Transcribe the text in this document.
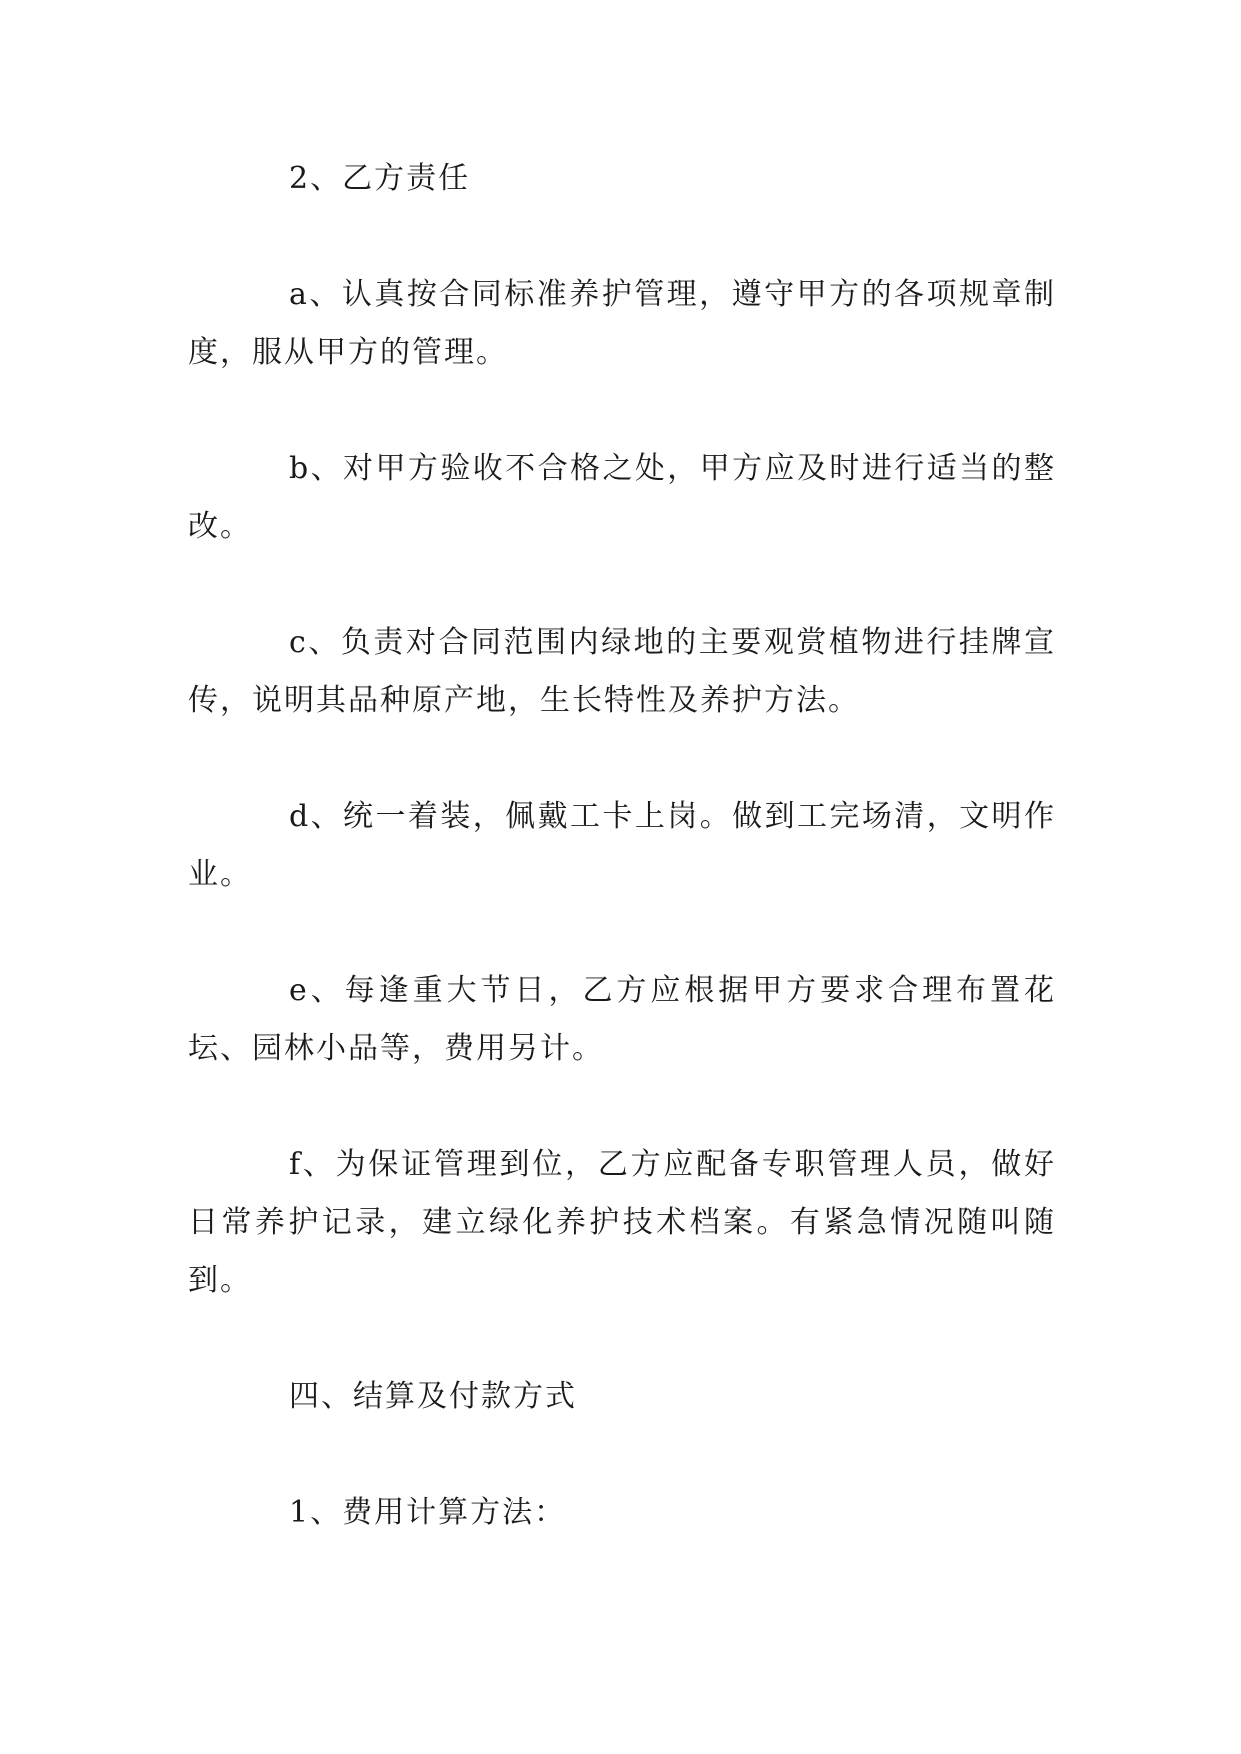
2、乙方责任

a、认真按合同标准养护管理，遵守甲方的各项规章制度，服从甲方的管理。

b、对甲方验收不合格之处，甲方应及时进行适当的整改。

c、负责对合同范围内绿地的主要观赏植物进行挂牌宣传，说明其品种原产地，生长特性及养护方法。

d、统一着装，佩戴工卡上岗。做到工完场清，文明作业。

e、每逢重大节日，乙方应根据甲方要求合理布置花坛、园林小品等，费用另计。

f、为保证管理到位，乙方应配备专职管理人员，做好日常养护记录，建立绿化养护技术档案。有紧急情况随叫随到。

四、结算及付款方式

1、费用计算方法：
